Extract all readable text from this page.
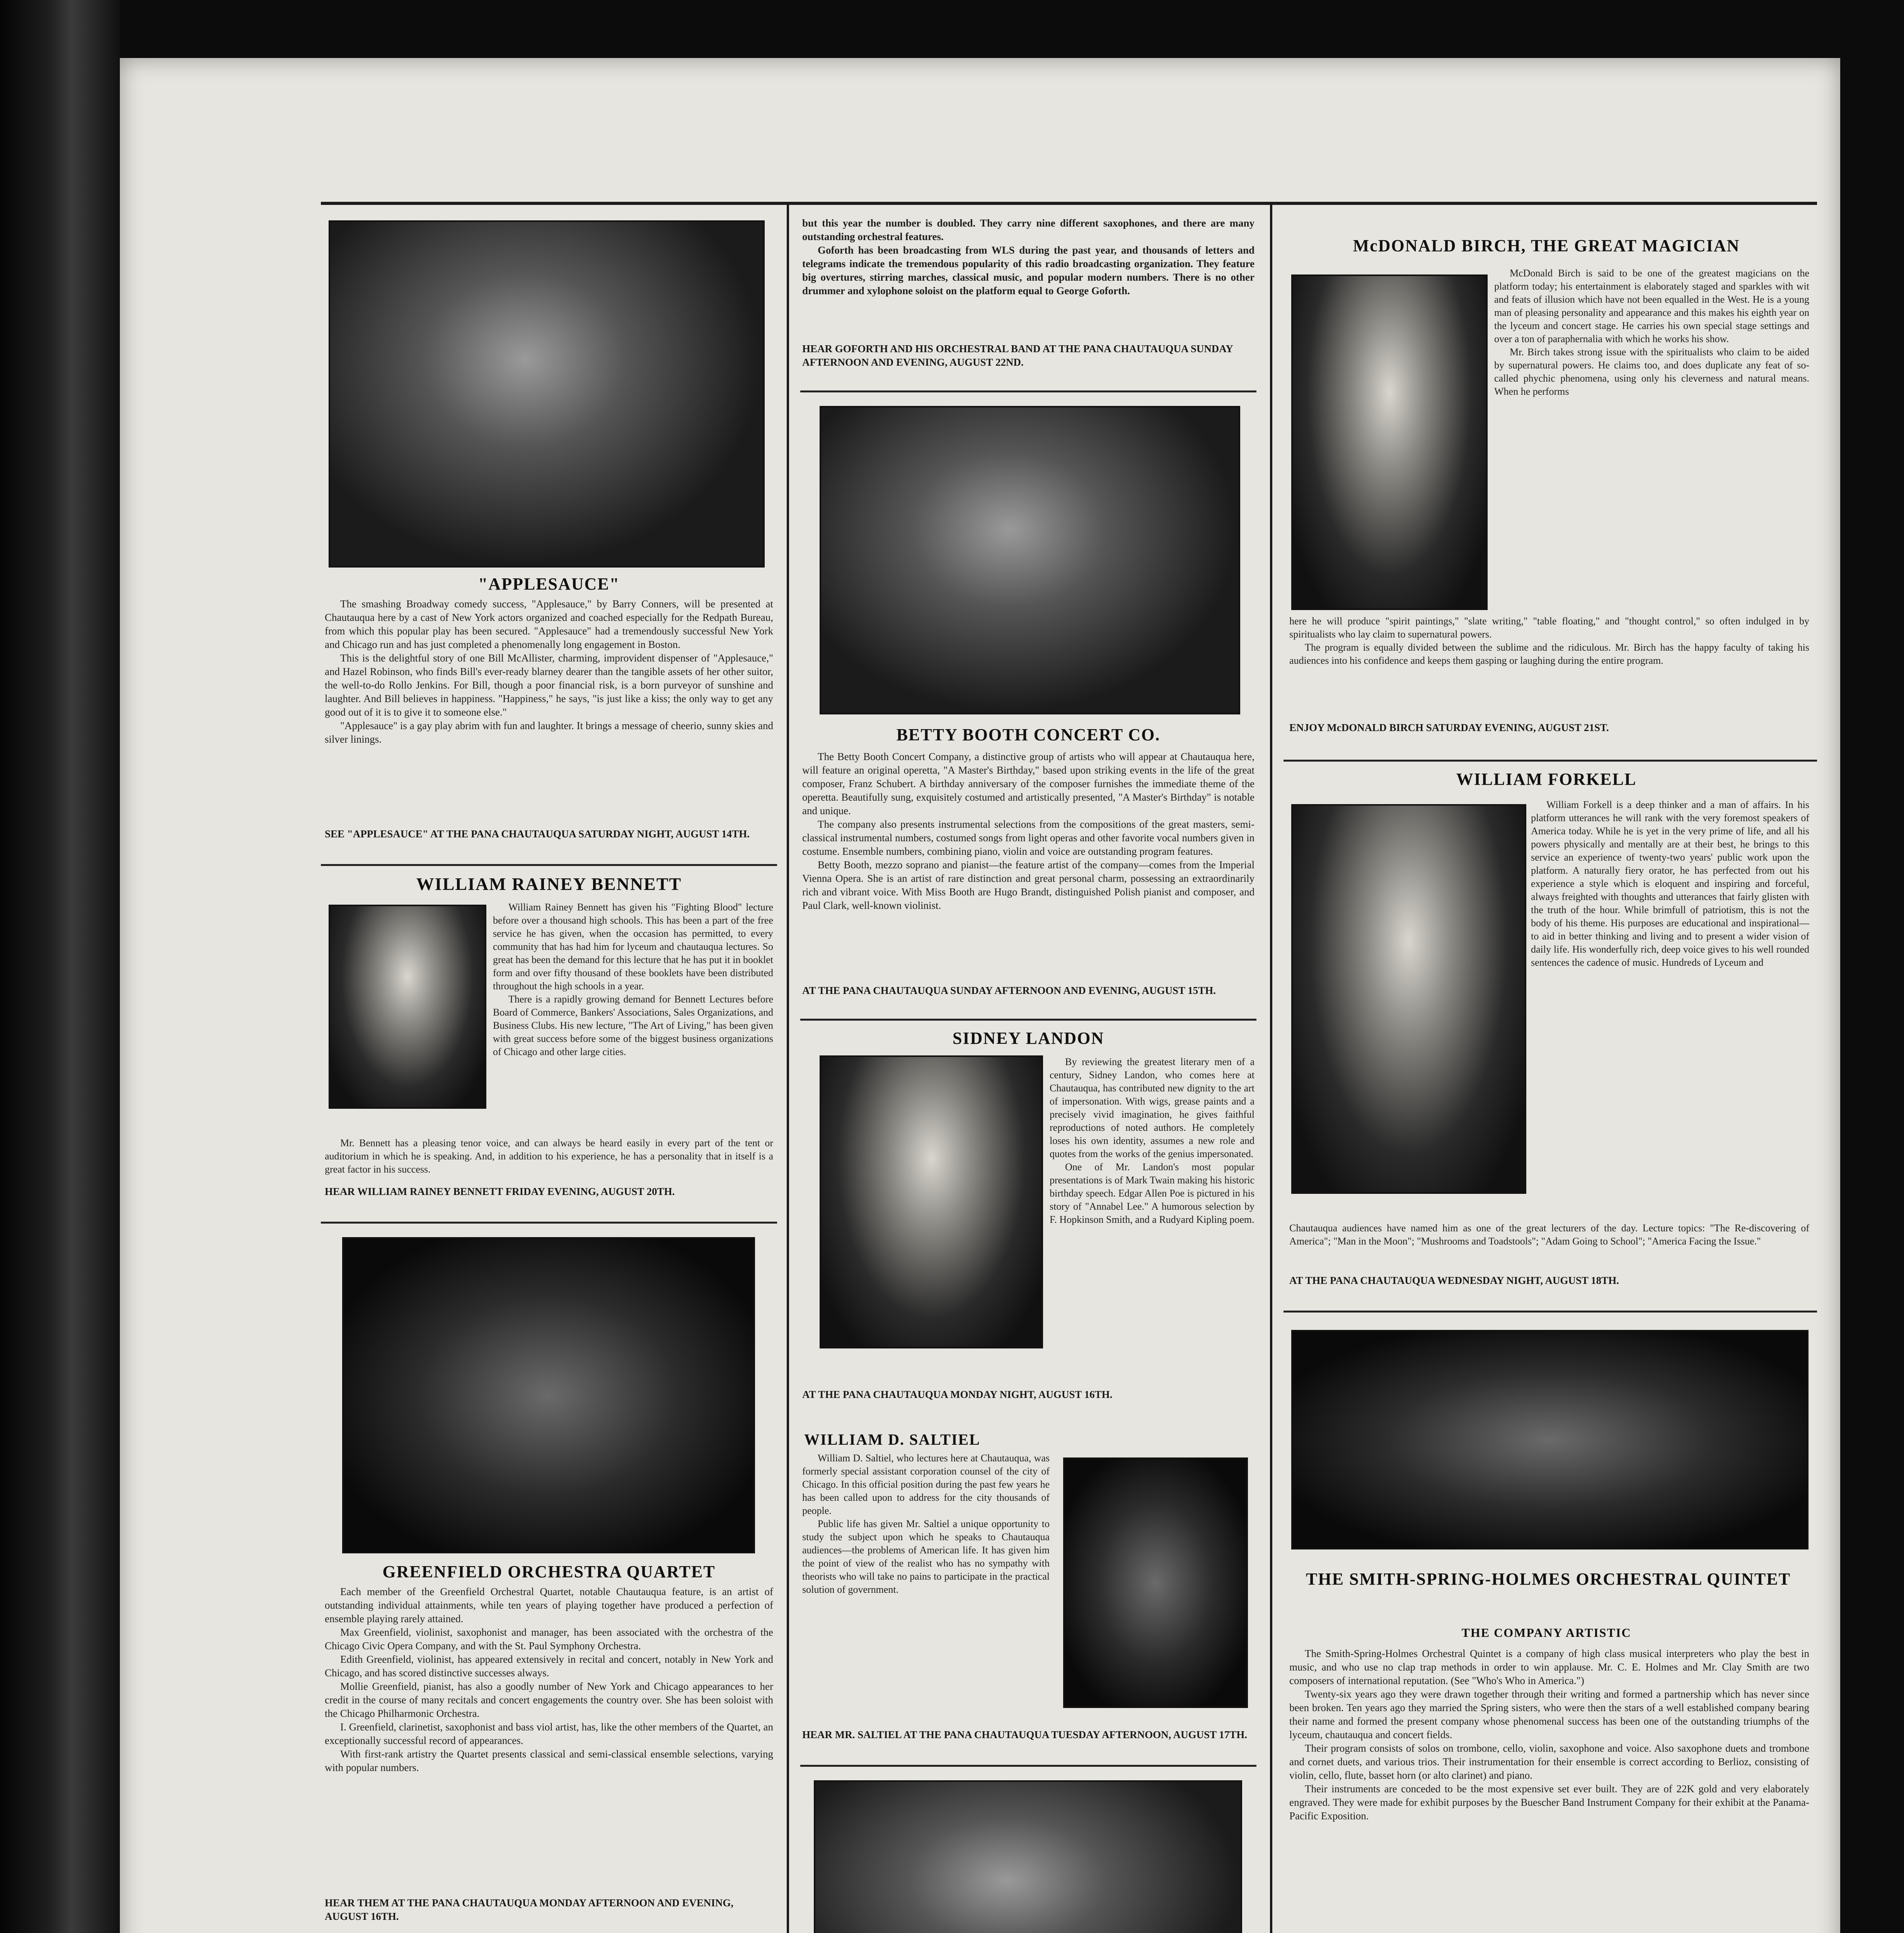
"APPLESAUCE"

The smashing Broadway comedy success, "Applesauce," by Barry Conners, will be presented at Chautauqua here by a cast of New York actors organized and coached especially for the Redpath Bureau, from which this popular play has been secured. "Applesauce" had a tremendously successful New York and Chicago run and has just completed a phenomenally long engagement in Boston.

This is the delightful story of one Bill McAllister, charming, improvident dispenser of "Applesauce," and Hazel Robinson, who finds Bill's ever-ready blarney dearer than the tangible assets of her other suitor, the well-to-do Rollo Jenkins. For Bill, though a poor financial risk, is a born purveyor of sunshine and laughter. And Bill believes in happiness. "Happiness," he says, "is just like a kiss; the only way to get any good out of it is to give it to someone else."

"Applesauce" is a gay play abrim with fun and laughter. It brings a message of cheerio, sunny skies and silver linings.

SEE "APPLESAUCE" AT THE PANA CHAUTAUQUA SATURDAY NIGHT, AUGUST 14TH.
WILLIAM RAINEY BENNETT

William Rainey Bennett has given his "Fighting Blood" lecture before over a thousand high schools. This has been a part of the free service he has given, when the occasion has permitted, to every community that has had him for lyceum and chautauqua lectures. So great has been the demand for this lecture that he has put it in booklet form and over fifty thousand of these booklets have been distributed throughout the high schools in a year.

There is a rapidly growing demand for Bennett Lectures before Board of Commerce, Bankers' Associations, Sales Organizations, and Business Clubs. His new lecture, "The Art of Living," has been given with great success before some of the biggest business organizations of Chicago and other large cities.

Mr. Bennett has a pleasing tenor voice, and can always be heard easily in every part of the tent or auditorium in which he is speaking. And, in addition to his experience, he has a personality that in itself is a great factor in his success.

HEAR WILLIAM RAINEY BENNETT FRIDAY EVENING, AUGUST 20TH.
GREENFIELD ORCHESTRA QUARTET

Each member of the Greenfield Orchestral Quartet, notable Chautauqua feature, is an artist of outstanding individual attainments, while ten years of playing together have produced a perfection of ensemble playing rarely attained.

Max Greenfield, violinist, saxophonist and manager, has been associated with the orchestra of the Chicago Civic Opera Company, and with the St. Paul Symphony Orchestra.

Edith Greenfield, violinist, has appeared extensively in recital and concert, notably in New York and Chicago, and has scored distinctive successes always.

Mollie Greenfield, pianist, has also a goodly number of New York and Chicago appearances to her credit in the course of many recitals and concert engagements the country over. She has been soloist with the Chicago Philharmonic Orchestra.

I. Greenfield, clarinetist, saxophonist and bass viol artist, has, like the other members of the Quartet, an exceptionally successful record of appearances.

With first-rank artistry the Quartet presents classical and semi-classical ensemble selections, varying with popular numbers.

HEAR THEM AT THE PANA CHAUTAUQUA MONDAY AFTERNOON AND EVENING, AUGUST 16TH.

but this year the number is doubled. They carry nine different saxophones, and there are many outstanding orchestral features.

Goforth has been broadcasting from WLS during the past year, and thousands of letters and telegrams indicate the tremendous popularity of this radio broadcasting organization. They feature big overtures, stirring marches, classical music, and popular modern numbers. There is no other drummer and xylophone soloist on the platform equal to George Goforth.

HEAR GOFORTH AND HIS ORCHESTRAL BAND AT THE PANA CHAUTAUQUA SUNDAY AFTERNOON AND EVENING, AUGUST 22ND.
BETTY BOOTH CONCERT CO.

The Betty Booth Concert Company, a distinctive group of artists who will appear at Chautauqua here, will feature an original operetta, "A Master's Birthday," based upon striking events in the life of the great composer, Franz Schubert. A birthday anniversary of the composer furnishes the immediate theme of the operetta. Beautifully sung, exquisitely costumed and artistically presented, "A Master's Birthday" is notable and unique.

The company also presents instrumental selections from the compositions of the great masters, semi-classical instrumental numbers, costumed songs from light operas and other favorite vocal numbers given in costume. Ensemble numbers, combining piano, violin and voice are outstanding program features.

Betty Booth, mezzo soprano and pianist—the feature artist of the company—comes from the Imperial Vienna Opera. She is an artist of rare distinction and great personal charm, possessing an extraordinarily rich and vibrant voice. With Miss Booth are Hugo Brandt, distinguished Polish pianist and composer, and Paul Clark, well-known violinist.

AT THE PANA CHAUTAUQUA SUNDAY AFTERNOON AND EVENING, AUGUST 15TH.
SIDNEY LANDON

By reviewing the greatest literary men of a century, Sidney Landon, who comes here at Chautauqua, has contributed new dignity to the art of impersonation. With wigs, grease paints and a precisely vivid imagination, he gives faithful reproductions of noted authors. He completely loses his own identity, assumes a new role and quotes from the works of the genius impersonated.

One of Mr. Landon's most popular presentations is of Mark Twain making his historic birthday speech. Edgar Allen Poe is pictured in his story of "Annabel Lee." A humorous selection by F. Hopkinson Smith, and a Rudyard Kipling poem.

AT THE PANA CHAUTAUQUA MONDAY NIGHT, AUGUST 16TH.
WILLIAM D. SALTIEL

William D. Saltiel, who lectures here at Chautauqua, was formerly special assistant corporation counsel of the city of Chicago. In this official position during the past few years he has been called upon to address for the city thousands of people.

Public life has given Mr. Saltiel a unique opportunity to study the subject upon which he speaks to Chautauqua audiences—the problems of American life. It has given him the point of view of the realist who has no sympathy with theorists who will take no pains to participate in the practical solution of government.

HEAR MR. SALTIEL AT THE PANA CHAUTAUQUA TUESDAY AFTERNOON, AUGUST 17TH.

McDONALD BIRCH, THE GREAT MAGICIAN

McDonald Birch is said to be one of the greatest magicians on the platform today; his entertainment is elaborately staged and sparkles with wit and feats of illusion which have not been equalled in the West. He is a young man of pleasing personality and appearance and this makes his eighth year on the lyceum and concert stage. He carries his own special stage settings and over a ton of paraphernalia with which he works his show.

Mr. Birch takes strong issue with the spiritualists who claim to be aided by supernatural powers. He claims too, and does duplicate any feat of so-called phychic phenomena, using only his cleverness and natural means. When he performs

here he will produce "spirit paintings," "slate writing," "table floating," and "thought control," so often indulged in by spiritualists who lay claim to supernatural powers.

The program is equally divided between the sublime and the ridiculous. Mr. Birch has the happy faculty of taking his audiences into his confidence and keeps them gasping or laughing during the entire program.

ENJOY McDONALD BIRCH SATURDAY EVENING, AUGUST 21ST.
WILLIAM FORKELL

William Forkell is a deep thinker and a man of affairs. In his platform utterances he will rank with the very foremost speakers of America today. While he is yet in the very prime of life, and all his powers physically and mentally are at their best, he brings to this service an experience of twenty-two years' public work upon the platform. A naturally fiery orator, he has perfected from out his experience a style which is eloquent and inspiring and forceful, always freighted with thoughts and utterances that fairly glisten with the truth of the hour. While brimfull of patriotism, this is not the body of his theme. His purposes are educational and inspirational—to aid in better thinking and living and to present a wider vision of daily life. His wonderfully rich, deep voice gives to his well rounded sentences the cadence of music. Hundreds of Lyceum and

Chautauqua audiences have named him as one of the great lecturers of the day. Lecture topics: "The Re-discovering of America"; "Man in the Moon"; "Mushrooms and Toadstools"; "Adam Going to School"; "America Facing the Issue."

AT THE PANA CHAUTAUQUA WEDNESDAY NIGHT, AUGUST 18TH.
THE SMITH-SPRING-HOLMES ORCHESTRAL QUINTET
THE COMPANY ARTISTIC

The Smith-Spring-Holmes Orchestral Quintet is a company of high class musical interpreters who play the best in music, and who use no clap trap methods in order to win applause. Mr. C. E. Holmes and Mr. Clay Smith are two composers of international reputation. (See "Who's Who in America.")

Twenty-six years ago they were drawn together through their writing and formed a partnership which has never since been broken. Ten years ago they married the Spring sisters, who were then the stars of a well established company bearing their name and formed the present company whose phenomenal success has been one of the outstanding triumphs of the lyceum, chautauqua and concert fields.

Their program consists of solos on trombone, cello, violin, saxophone and voice. Also saxophone duets and trombone and cornet duets, and various trios. Their instrumentation for their ensemble is correct according to Berlioz, consisting of violin, cello, flute, basset horn (or alto clarinet) and piano.

Their instruments are conceded to be the most expensive set ever built. They are of 22K gold and very elaborately engraved. They were made for exhibit purposes by the Buescher Band Instrument Company for their exhibit at the Panama-Pacific Exposition.
